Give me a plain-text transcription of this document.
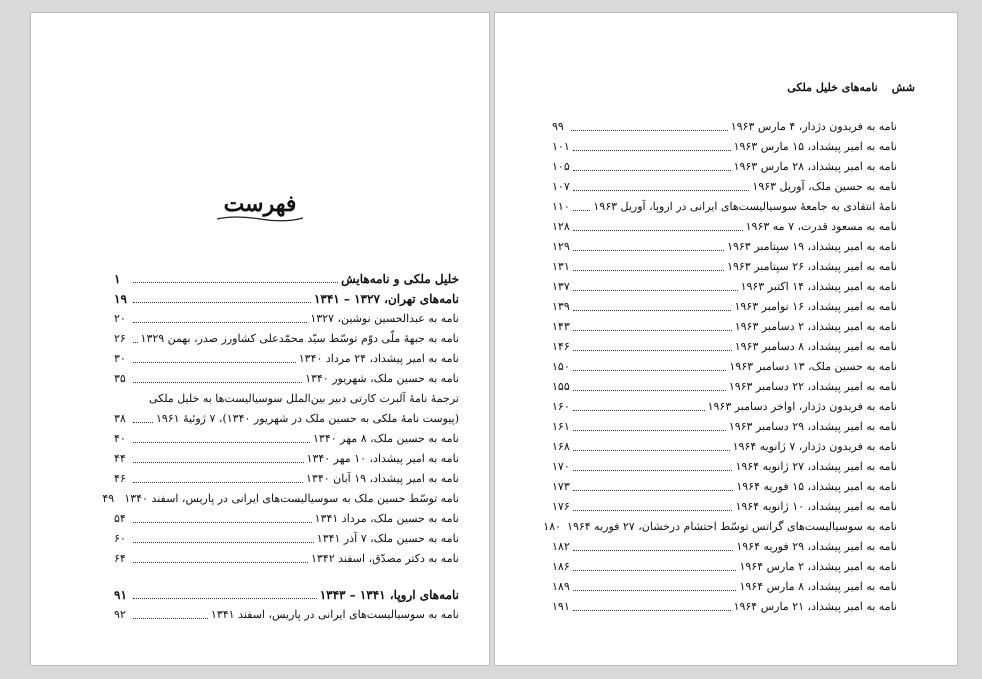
فهرست
خلیل ملکی و نامه‌هایش
۱
نامه‌های تهران، ۱۳۲۷ – ۱۳۴۱
۱۹
نامه به عبدالحسین نوشین، ۱۳۲۷
۲۰
نامه به جبههٔ ملّی دوّم توسّط سیّد محمّدعلی کشاورز صدر، بهمن ۱۳۲۹
۲۶
نامه به امیر پیشداد، ۲۴ مرداد ۱۳۴۰
۳۰
نامه به حسین ملک، شهریور ۱۳۴۰
۳۵
ترجمهٔ نامهٔ آلبرت کارتی دبیر بین‌الملل سوسیالیست‌ها به خلیل ملکی
(پیوست نامهٔ ملکی به حسین ملک در شهریور ۱۳۴۰)، ۷ ژوئیهٔ ۱۹۶۱
۳۸
نامه به حسین ملک، ۸ مهر ۱۳۴۰
۴۰
نامه به امیر پیشداد، ۱۰ مهر ۱۳۴۰
۴۴
نامه به امیر پیشداد، ۱۹ آبان ۱۳۴۰
۴۶
نامه توسّط حسین ملک به سوسیالیست‌های ایرانی در پاریس، اسفند ۱۳۴۰
۴۹
نامه به حسین ملک، مرداد ۱۳۴۱
۵۴
نامه به حسین ملک، ۷ آذر ۱۳۴۱
۶۰
نامه به دکتر مصدّق، اسفند ۱۳۴۲
۶۴
نامه‌های اروپا، ۱۳۴۱ – ۱۳۴۳
۹۱
نامه به سوسیالیست‌های ایرانی در پاریس، اسفند ۱۳۴۱
۹۲
شش
نامه‌های خلیل ملکی
نامه به فریدون دژدار، ۴ مارس ۱۹۶۳
۹۹
نامه به امیر پیشداد، ۱۵ مارس ۱۹۶۳
۱۰۱
نامه به امیر پیشداد، ۲۸ مارس ۱۹۶۳
۱۰۵
نامه به حسین ملک، آوریل ۱۹۶۳
۱۰۷
نامهٔ انتقادی به جامعهٔ سوسیالیست‌های ایرانی در اروپا، آوریل ۱۹۶۳
۱۱۰
نامه به مسعود قدرت، ۷ مه ۱۹۶۳
۱۲۸
نامه به امیر پیشداد، ۱۹ سپتامبر ۱۹۶۳
۱۲۹
نامه به امیر پیشداد، ۲۶ سپتامبر ۱۹۶۳
۱۳۱
نامه به امیر پیشداد، ۱۴ اکتبر ۱۹۶۳
۱۳۷
نامه به امیر پیشداد، ۱۶ نوامبر ۱۹۶۳
۱۳۹
نامه به امیر پیشداد، ۲ دسامبر ۱۹۶۳
۱۴۳
نامه به امیر پیشداد، ۸ دسامبر ۱۹۶۳
۱۴۶
نامه به حسین ملک، ۱۳ دسامبر ۱۹۶۳
۱۵۰
نامه به امیر پیشداد، ۲۲ دسامبر ۱۹۶۳
۱۵۵
نامه به فریدون دژدار، اواخر دسامبر ۱۹۶۳
۱۶۰
نامه به امیر پیشداد، ۲۹ دسامبر ۱۹۶۳
۱۶۱
نامه به فریدون دژدار، ۷ ژانویه ۱۹۶۴
۱۶۸
نامه به امیر پیشداد، ۲۷ ژانویه ۱۹۶۴
۱۷۰
نامه به امیر پیشداد، ۱۵ فوریه ۱۹۶۴
۱۷۳
نامه به امیر پیشداد، ۱۰ ژانویه ۱۹۶۴
۱۷۶
نامه به سوسیالیست‌های گراتس توسّط احتشام درخشان، ۲۷ فوریه ۱۹۶۴
۱۸۰
نامه به امیر پیشداد، ۲۹ فوریه ۱۹۶۴
۱۸۲
نامه به امیر پیشداد، ۲ مارس ۱۹۶۴
۱۸۶
نامه به امیر پیشداد، ۸ مارس ۱۹۶۴
۱۸۹
نامه به امیر پیشداد، ۲۱ مارس ۱۹۶۴
۱۹۱
